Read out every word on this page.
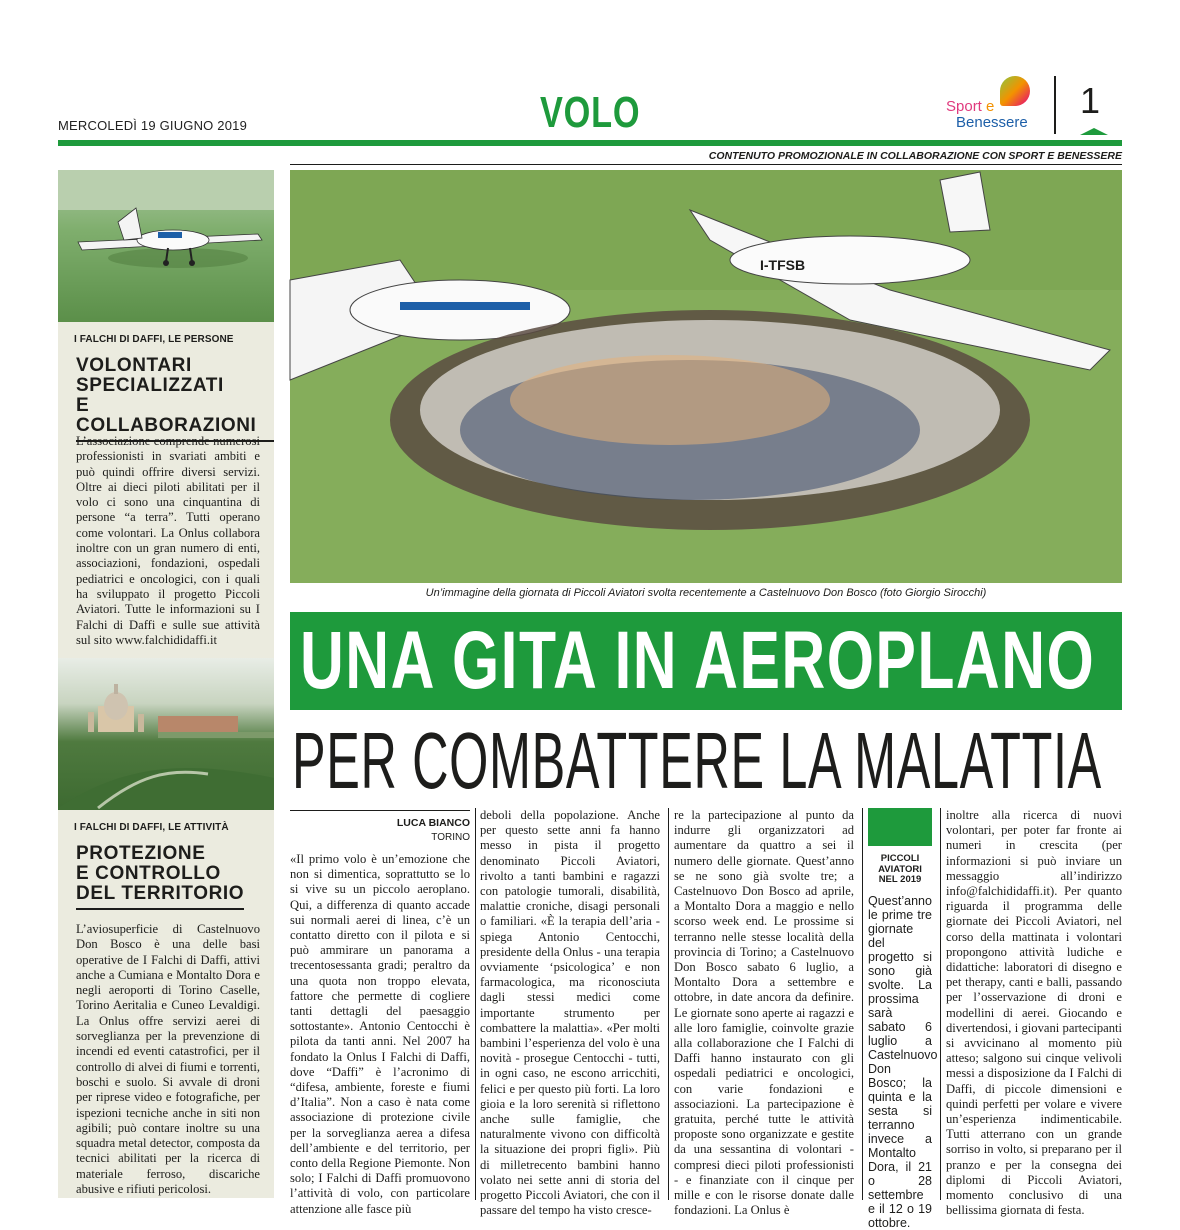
MERCOLEDÌ 19 GIUGNO 2019	VOLO	Sport e
Benessere
1
CONTENUTO PROMOZIONALE IN COLLABORAZIONE CON SPORT E BENESSERE
I FALCHI DI DAFFI, LE PERSONE
VOLONTARI
SPECIALIZZATI
E COLLABORAZIONI
L’associazione comprende numerosi professionisti in svariati ambiti e può quindi offrire diversi servizi. Oltre ai dieci piloti abilitati per il volo ci sono una cinquantina di persone “a terra”. Tutti operano come volontari. La Onlus collabora inoltre con un gran numero di enti, associazioni, fondazioni, ospedali pediatrici e oncologici, con i quali ha sviluppato il progetto Piccoli Aviatori. Tutte le informazioni su I Falchi di Daffi e sulle sue attività sul sito www.falchididaffi.it
I FALCHI DI DAFFI, LE ATTIVITÀ
PROTEZIONE
E CONTROLLO
DEL TERRITORIO
L’aviosuperficie di Castelnuovo Don Bosco è una delle basi operative de I Falchi di Daffi, attivi anche a Cumiana e Montalto Dora e negli aeroporti di Torino Caselle, Torino Aeritalia e Cuneo Levaldigi. La Onlus offre servizi aerei di sorveglianza per la prevenzione di incendi ed eventi catastrofici, per il controllo di alvei di fiumi e torrenti, boschi e suolo. Si avvale di droni per riprese video e fotografiche, per ispezioni tecniche anche in siti non agibili; può contare inoltre su una squadra metal detector, composta da tecnici abilitati per la ricerca di materiale ferroso, discariche abusive e rifiuti pericolosi.
I-TFSB
Un’immagine della giornata di Piccoli Aviatori svolta recentemente a Castelnuovo Don Bosco (foto Giorgio Sirocchi)
UNA GITA IN AEROPLANO
PER COMBATTERE LA MALATTIA
LUCA BIANCO
TORINO
«Il primo volo è un’emozione che non si dimentica, soprattutto se lo si vive su un piccolo aeroplano. Qui, a differenza di quanto accade sui normali aerei di linea, c’è un contatto diretto con il pilota e si può ammirare un panorama a trecentosessanta gradi; peraltro da una quota non troppo elevata, fattore che permette di cogliere tanti dettagli del paesaggio sottostante». Antonio Centocchi è pilota da tanti anni. Nel 2007 ha fondato la Onlus I Falchi di Daffi, dove “Daffi” è l’acronimo di “difesa, ambiente, foreste e fiumi d’Italia”. Non a caso è nata come associazione di protezione civile per la sorveglianza aerea a difesa dell’ambiente e del territorio, per conto della Regione Piemonte. Non solo; I Falchi di Daffi promuovono l’attività di volo, con particolare attenzione alle fasce più
deboli della popolazione. Anche per questo sette anni fa hanno messo in pista il progetto denominato Piccoli Aviatori, rivolto a tanti bambini e ragazzi con patologie tumorali, disabilità, malattie croniche, disagi personali o familiari. «È la terapia dell’aria - spiega Antonio Centocchi, presidente della Onlus - una terapia ovviamente ‘psicologica’ e non farmacologica, ma riconosciuta dagli stessi medici come importante strumento per combattere la malattia». «Per molti bambini l’esperienza del volo è una novità - prosegue Centocchi - tutti, in ogni caso, ne escono arricchiti, felici e per questo più forti. La loro gioia e la loro serenità si riflettono anche sulle famiglie, che naturalmente vivono con difficoltà la situazione dei propri figli». Più di milletrecento bambini hanno volato nei sette anni di storia del progetto Piccoli Aviatori, che con il passare del tempo ha visto cresce-
re la partecipazione al punto da indurre gli organizzatori ad aumentare da quattro a sei il numero delle giornate. Quest’anno se ne sono già svolte tre; a Castelnuovo Don Bosco ad aprile, a Montalto Dora a maggio e nello scorso week end. Le prossime si terranno nelle stesse località della provincia di Torino; a Castelnuovo Don Bosco sabato 6 luglio, a Montalto Dora a settembre e ottobre, in date ancora da definire. Le giornate sono aperte ai ragazzi e alle loro famiglie, coinvolte grazie alla collaborazione che I Falchi di Daffi hanno instaurato con gli ospedali pediatrici e oncologici, con varie fondazioni e associazioni. La partecipazione è gratuita, perché tutte le attività proposte sono organizzate e gestite da una sessantina di volontari - compresi dieci piloti professionisti - e finanziate con il cinque per mille e con le risorse donate dalle fondazioni. La Onlus è
PICCOLI
AVIATORI
NEL 2019
Quest’anno le prime tre giornate del progetto si sono già svolte. La prossima sarà sabato 6 luglio a Castelnuovo Don Bosco; la quinta e la sesta si terranno invece a Montalto Dora, il 21 o 28 settembre e il 12 o 19 ottobre.
inoltre alla ricerca di nuovi volontari, per poter far fronte ai numeri in crescita (per informazioni si può inviare un messaggio all’indirizzo info@falchididaffi.it). Per quanto riguarda il programma delle giornate dei Piccoli Aviatori, nel corso della mattinata i volontari propongono attività ludiche e didattiche: laboratori di disegno e pet therapy, canti e balli, passando per l’osservazione di droni e modellini di aerei. Giocando e divertendosi, i giovani partecipanti si avvicinano al momento più atteso; salgono sui cinque velivoli messi a disposizione da I Falchi di Daffi, di piccole dimensioni e quindi perfetti per volare e vivere un’esperienza indimenticabile. Tutti atterrano con un grande sorriso in volto, si preparano per il pranzo e per la consegna dei diplomi di Piccoli Aviatori, momento conclusivo di una bellissima giornata di festa.
